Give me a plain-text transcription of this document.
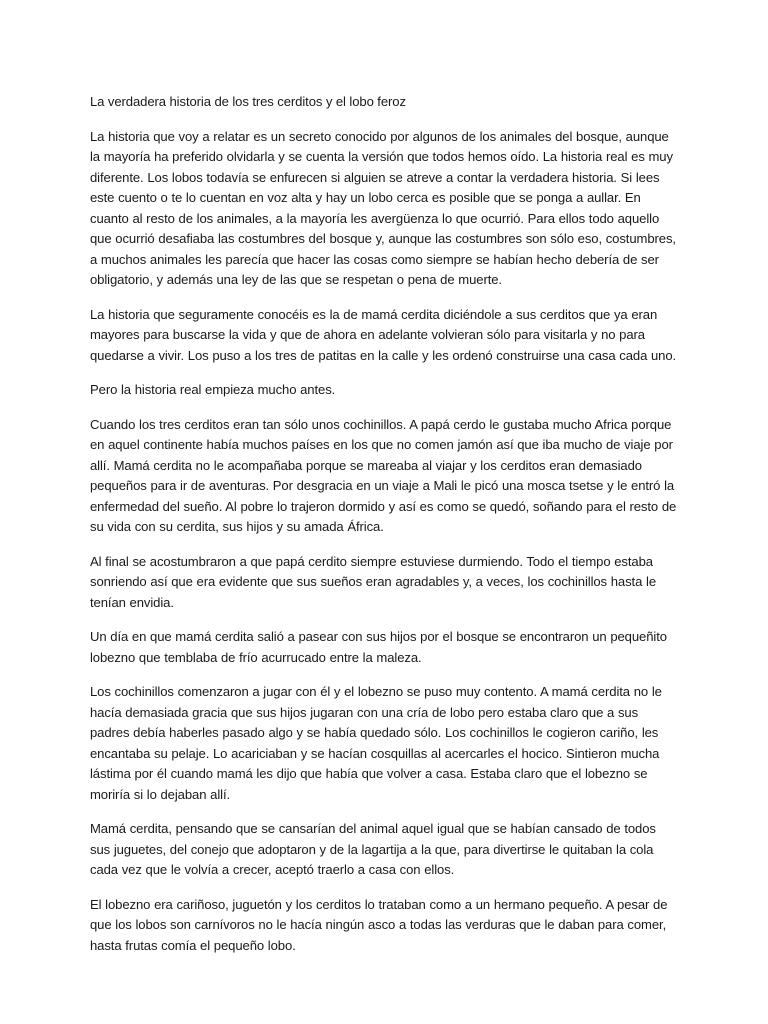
La verdadera historia de los tres cerditos y el lobo feroz

La historia que voy a relatar es un secreto conocido por algunos de los animales del bosque, aunque la mayoría ha preferido olvidarla y se cuenta la versión que todos hemos oído. La historia real es muy diferente. Los lobos todavía se enfurecen si alguien se atreve a contar la verdadera historia. Si lees este cuento o te lo cuentan en voz alta y hay un lobo cerca es posible que se ponga a aullar. En cuanto al resto de los animales, a la mayoría les avergüenza lo que ocurrió. Para ellos todo aquello que ocurrió desafiaba las costumbres del bosque y, aunque las costumbres son sólo eso, costumbres, a muchos animales les parecía que hacer las cosas como siempre se habían hecho debería de ser obligatorio, y además una ley de las que se respetan o pena de muerte.

La historia que seguramente conocéis es la de mamá cerdita diciéndole a sus cerditos que ya eran mayores para buscarse la vida y que de ahora en adelante volvieran sólo para visitarla y no para quedarse a vivir. Los puso a los tres de patitas en la calle y les ordenó construirse una casa cada uno.

Pero la historia real empieza mucho antes.

Cuando los tres cerditos eran tan sólo unos cochinillos. A papá cerdo le gustaba mucho Africa porque en aquel continente había muchos países en los que no comen jamón así que iba mucho de viaje por allí. Mamá cerdita no le acompañaba porque se mareaba al viajar y los cerditos eran demasiado pequeños para ir de aventuras. Por desgracia en un viaje a Mali le picó una mosca tsetse y le entró la enfermedad del sueño. Al pobre lo trajeron dormido y así es como se quedó, soñando para el resto de su vida con su cerdita, sus hijos y su amada África.

Al final se acostumbraron a que papá cerdito siempre estuviese durmiendo. Todo el tiempo estaba sonriendo así que era evidente que sus sueños eran agradables y, a veces, los cochinillos hasta le tenían envidia.

Un día en que mamá cerdita salió a pasear con sus hijos por el bosque se encontraron un pequeñito lobezno que temblaba de frío acurrucado entre la maleza.

Los cochinillos comenzaron a jugar con él y el lobezno se puso muy contento. A mamá cerdita no le hacía demasiada gracia que sus hijos jugaran con una cría de lobo pero estaba claro que a sus padres debía haberles pasado algo y se había quedado sólo. Los cochinillos le cogieron cariño, les encantaba su pelaje. Lo acariciaban y se hacían cosquillas al acercarles el hocico. Sintieron mucha lástima por él cuando mamá les dijo que había que volver a casa. Estaba claro que el lobezno se moriría si lo dejaban allí.

Mamá cerdita, pensando que se cansarían del animal aquel igual que se habían cansado de todos sus juguetes, del conejo que adoptaron y de la lagartija a la que, para divertirse le quitaban la cola cada vez que le volvía a crecer, aceptó traerlo a casa con ellos.

El lobezno era cariñoso, juguetón y los cerditos lo trataban como a un hermano pequeño. A pesar de que los lobos son carnívoros no le hacía ningún asco a todas las verduras que le daban para comer, hasta frutas comía el pequeño lobo.
